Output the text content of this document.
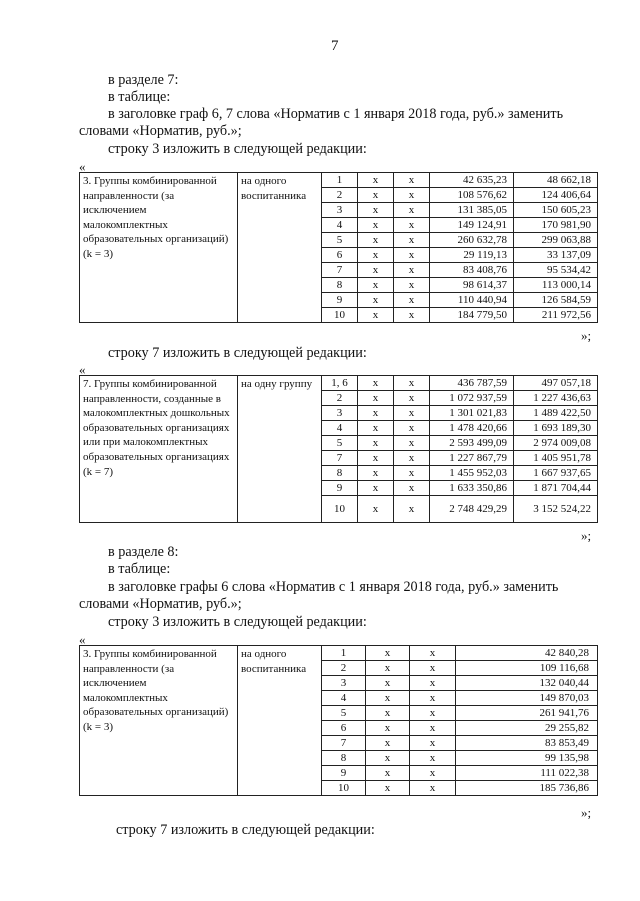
7
в разделе 7:
в таблице:
в заголовке граф 6, 7 слова «Норматив с 1 января 2018 года, руб.» заменить
словами «Норматив, руб.»;
строку 3 изложить в следующей редакции:
«
3. Группы комбинированной направленности (за исключением малокомплектных образовательных организаций) (k = 3)	на одного воспитанника	1	х	х	42 635,23	48 662,18
		2	х	х	108 576,62	124 406,64
		3	х	х	131 385,05	150 605,23
		4	х	х	149 124,91	170 981,90
		5	х	х	260 632,78	299 063,88
		6	х	х	29 119,13	33 137,09
		7	х	х	83 408,76	95 534,42
		8	х	х	98 614,37	113 000,14
		9	х	х	110 440,94	126 584,59
		10	х	х	184 779,50	211 972,56
»;
строку 7 изложить в следующей редакции:
«
7. Группы комбинированной направленности, созданные в малокомплектных дошкольных образовательных организациях или при малокомплектных образовательных организациях (k = 7)	на одну группу	1, 6	х	х	436 787,59	497 057,18
		2	х	х	1 072 937,59	1 227 436,63
		3	х	х	1 301 021,83	1 489 422,50
		4	х	х	1 478 420,66	1 693 189,30
		5	х	х	2 593 499,09	2 974 009,08
		7	х	х	1 227 867,79	1 405 951,78
		8	х	х	1 455 952,03	1 667 937,65
		9	х	х	1 633 350,86	1 871 704,44
		10	х	х	2 748 429,29	3 152 524,22
»;
в разделе 8:
в таблице:
в заголовке графы 6 слова «Норматив с 1 января 2018 года, руб.» заменить
словами «Норматив, руб.»;
строку 3 изложить в следующей редакции:
«
3. Группы комбинированной направленности (за исключением малокомплектных образовательных организаций) (k = 3)	на одного воспитанника	1	х	х	42 840,28
		2	х	х	109 116,68
		3	х	х	132 040,44
		4	х	х	149 870,03
		5	х	х	261 941,76
		6	х	х	29 255,82
		7	х	х	83 853,49
		8	х	х	99 135,98
		9	х	х	111 022,38
		10	х	х	185 736,86
»;
строку 7 изложить в следующей редакции:
